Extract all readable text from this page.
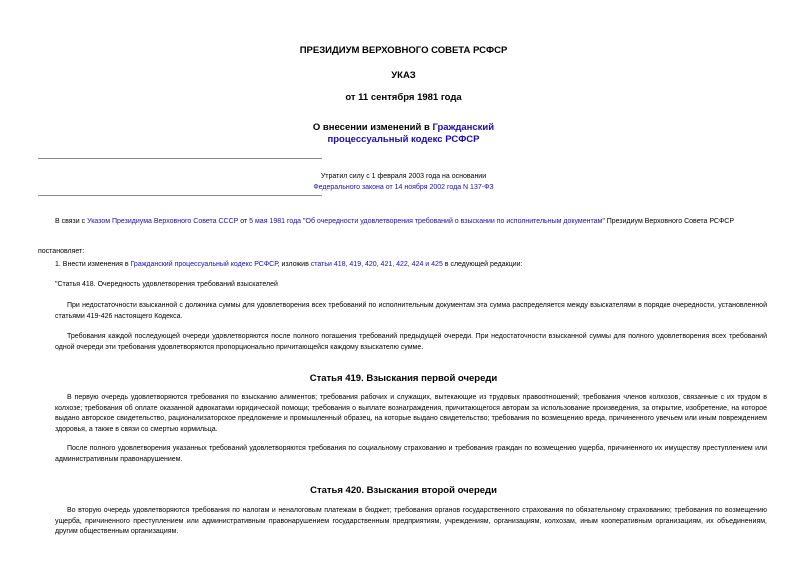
ПРЕЗИДИУМ ВЕРХОВНОГО СОВЕТА РСФСР
УКАЗ
от 11 сентября 1981 года
О внесении изменений в Гражданский
процессуальный кодекс РСФСР
Утратил силу с 1 февраля 2003 года на основании
Федерального закона от 14 ноября 2002 года N 137-ФЗ
В связи с Указом Президиума Верховного Совета СССР от 5 мая 1981 года "Об очередности удовлетворения требований о взыскании по исполнительным документам" Президиум Верховного Совета РСФСР
постановляет:
1. Внести изменения в Гражданский процессуальный кодекс РСФСР, изложив статьи 418, 419, 420, 421, 422, 424 и 425 в следующей редакции:
"Статья 418. Очередность удовлетворения требований взыскателей
При недостаточности взысканной с должника суммы для удовлетворения всех требований по исполнительным документам эта сумма распределяется между взыскателями в порядке очередности, установленной статьями 419-426 настоящего Кодекса.
Требования каждой последующей очереди удовлетворяются после полного погашения требований предыдущей очереди. При недостаточности взысканной суммы для полного удовлетворения всех требований одной очереди эти требования удовлетворяются пропорционально причитающейся каждому взыскателю сумме.
Статья 419. Взыскания первой очереди
В первую очередь удовлетворяются требования по взысканию алиментов; требования рабочих и служащих, вытекающие из трудовых правоотношений; требования членов колхозов, связанные с их трудом в колхозе; требования об оплате оказанной адвокатами юридической помощи; требования о выплате вознаграждения, причитающегося авторам за использование произведения, за открытие, изобретение, на которое выдано авторское свидетельство, рационализаторское предложение и промышленный образец, на которые выдано свидетельство; требования по возмещению вреда, причиненного увечьем или иным повреждением здоровья, а также в связи со смертью кормильца.
После полного удовлетворения указанных требований удовлетворяются требования по социальному страхованию и требования граждан по возмещению ущерба, причиненного их имуществу преступлением или административным правонарушением.
Статья 420. Взыскания второй очереди
Во вторую очередь удовлетворяются требования по налогам и неналоговым платежам в бюджет; требования органов государственного страхования по обязательному страхованию; требования по возмещению ущерба, причиненного преступлением или административным правонарушением государственным предприятиям, учреждениям, организациям, колхозам, иным кооперативным организациям, их объединениям, другим общественным организациям.
